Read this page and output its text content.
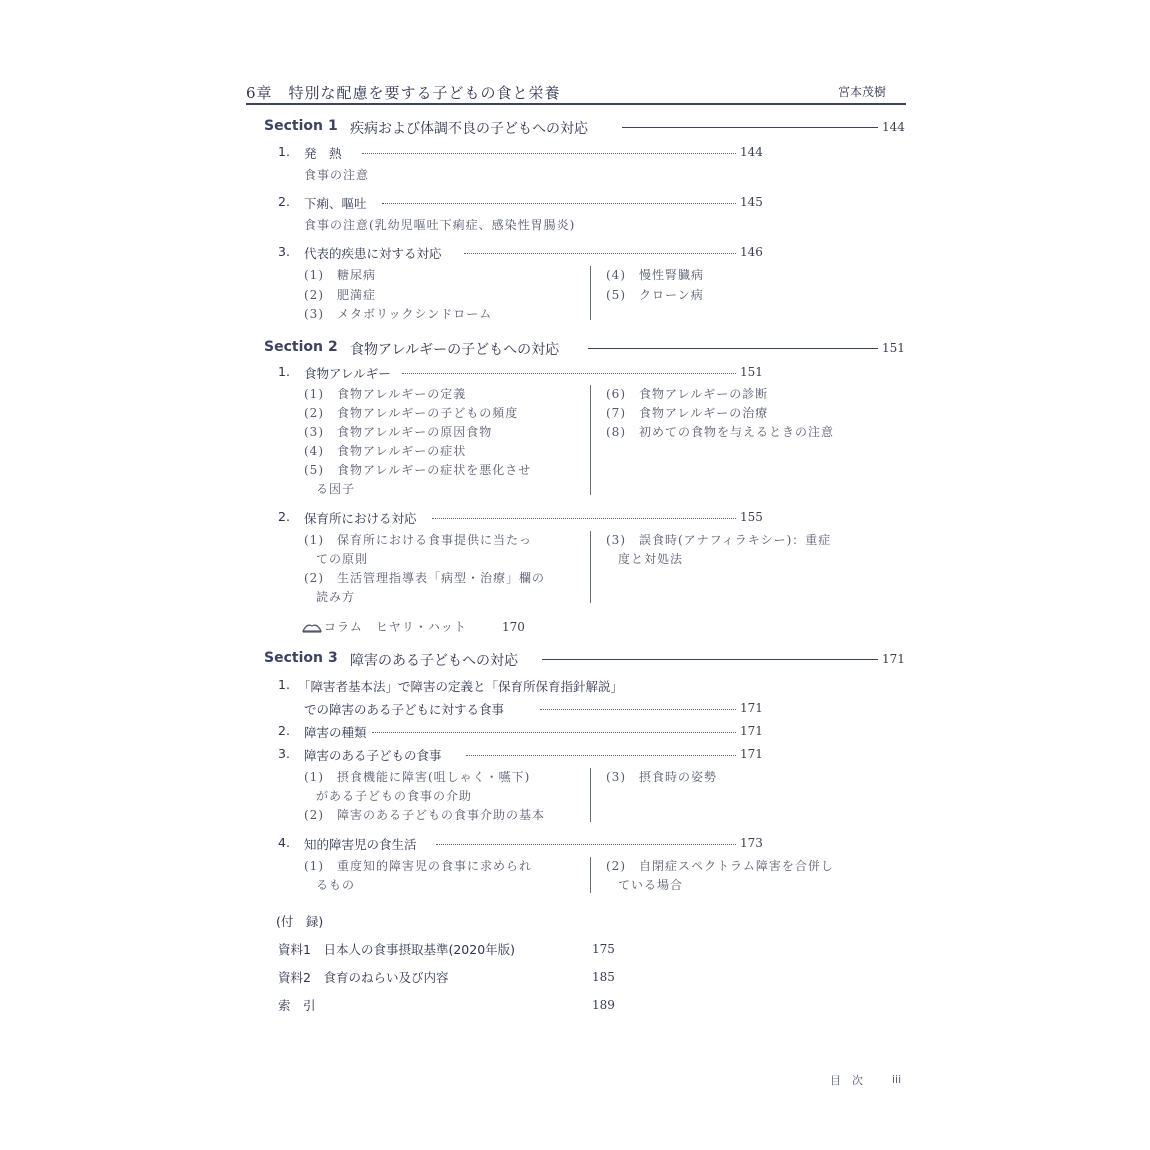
6章　特別な配慮を要する子どもの食と栄養	宮本茂樹
Section 1 疾病および体調不良の子どもへの対応	144
1. 発　熱	144
食事の注意
2. 下痢、嘔吐	145
食事の注意(乳幼児嘔吐下痢症、感染性胃腸炎)
3. 代表的疾患に対する対応	146
(1)　糖尿病
(2)　肥満症
(3)　メタボリックシンドローム
(4)　慢性腎臓病
(5)　クローン病
Section 2 食物アレルギーの子どもへの対応	151
1. 食物アレルギー	151
(1)　食物アレルギーの定義
(2)　食物アレルギーの子どもの頻度
(3)　食物アレルギーの原因食物
(4)　食物アレルギーの症状
(5)　食物アレルギーの症状を悪化させ
る因子
(6)　食物アレルギーの診断
(7)　食物アレルギーの治療
(8)　初めての食物を与えるときの注意
2. 保育所における対応	155
(1)　保育所における食事提供に当たっ
ての原則
(2)　生活管理指導表「病型・治療」欄の
読み方
(3)　誤食時(アナフィラキシー)：重症
度と対処法
コラム　ヒヤリ・ハット	170
Section 3 障害のある子どもへの対応	171
1. 「障害者基本法」で障害の定義と「保育所保育指針解説」
での障害のある子どもに対する食事	171
2. 障害の種類	171
3. 障害のある子どもの食事	171
(1)　摂食機能に障害(咀しゃく・嚥下)
がある子どもの食事の介助
(2)　障害のある子どもの食事介助の基本
(3)　摂食時の姿勢
4. 知的障害児の食生活	173
(1)　重度知的障害児の食事に求められ
るもの
(2)　自閉症スペクトラム障害を合併し
ている場合
(付　録)
資料1　日本人の食事摂取基準(2020年版)	175
資料2　食育のねらい及び内容	185
索　引	189
目　次	iii
